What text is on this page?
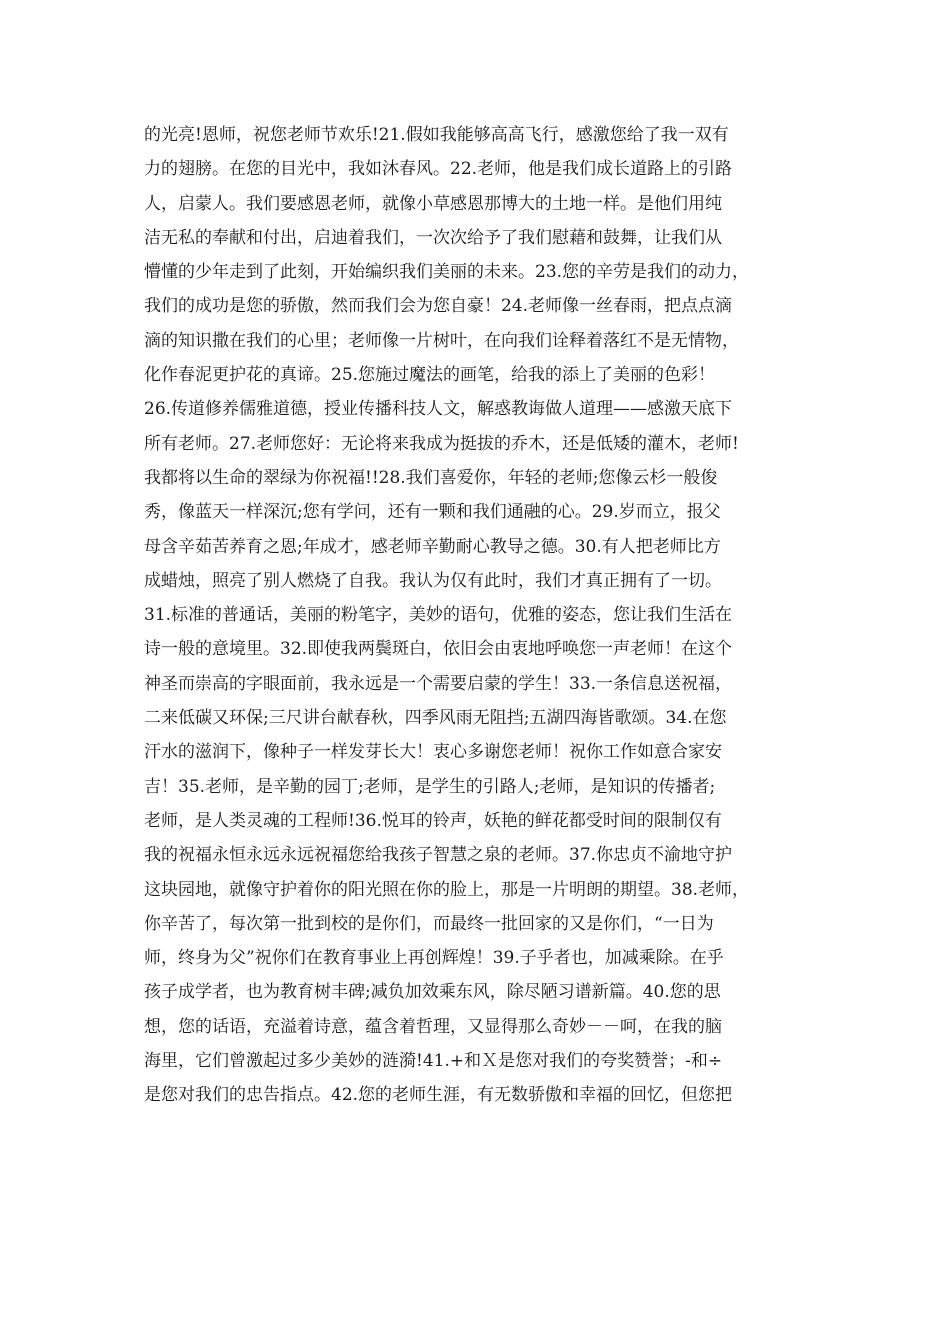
的光亮!恩师，祝您老师节欢乐!21.假如我能够高高飞行，感激您给了我一双有
力的翅膀。在您的目光中，我如沐春风。22.老师，他是我们成长道路上的引路
人，启蒙人。我们要感恩老师，就像小草感恩那博大的土地一样。是他们用纯
洁无私的奉献和付出，启迪着我们，一次次给予了我们慰藉和鼓舞，让我们从
懵懂的少年走到了此刻，开始编织我们美丽的未来。23.您的辛劳是我们的动力，
我们的成功是您的骄傲，然而我们会为您自豪！24.老师像一丝春雨，把点点滴
滴的知识撒在我们的心里；老师像一片树叶，在向我们诠释着落红不是无情物，
化作春泥更护花的真谛。25.您施过魔法的画笔，给我的添上了美丽的色彩！
26.传道修养儒雅道德，授业传播科技人文，解惑教诲做人道理——感激天底下
所有老师。27.老师您好：无论将来我成为挺拔的乔木，还是低矮的灌木，老师!
我都将以生命的翠绿为你祝福!!28.我们喜爱你，年轻的老师;您像云杉一般俊
秀，像蓝天一样深沉;您有学问，还有一颗和我们通融的心。29.岁而立，报父
母含辛茹苦养育之恩;年成才，感老师辛勤耐心教导之德。30.有人把老师比方
成蜡烛，照亮了别人燃烧了自我。我认为仅有此时，我们才真正拥有了一切。
31.标准的普通话，美丽的粉笔字，美妙的语句，优雅的姿态，您让我们生活在
诗一般的意境里。32.即使我两鬓斑白，依旧会由衷地呼唤您一声老师！在这个
神圣而崇高的字眼面前，我永远是一个需要启蒙的学生！33.一条信息送祝福，
二来低碳又环保;三尺讲台献春秋，四季风雨无阻挡;五湖四海皆歌颂。34.在您
汗水的滋润下，像种子一样发芽长大！衷心多谢您老师！祝你工作如意合家安
吉！35.老师，是辛勤的园丁;老师，是学生的引路人;老师，是知识的传播者;
老师，是人类灵魂的工程师!36.悦耳的铃声，妖艳的鲜花都受时间的限制仅有
我的祝福永恒永远永远祝福您给我孩子智慧之泉的老师。37.你忠贞不渝地守护
这块园地，就像守护着你的阳光照在你的脸上，那是一片明朗的期望。38.老师，
你辛苦了，每次第一批到校的是你们，而最终一批回家的又是你们，“一日为
师，终身为父”祝你们在教育事业上再创辉煌！39.子乎者也，加减乘除。在乎
孩子成学者，也为教育树丰碑;减负加效乘东风，除尽陋习谱新篇。40.您的思
想，您的话语，充溢着诗意，蕴含着哲理，又显得那么奇妙－－呵，在我的脑
海里，它们曾激起过多少美妙的涟漪!41.+和Ｘ是您对我们的夸奖赞誉；-和÷
是您对我们的忠告指点。42.您的老师生涯，有无数骄傲和幸福的回忆，但您把
